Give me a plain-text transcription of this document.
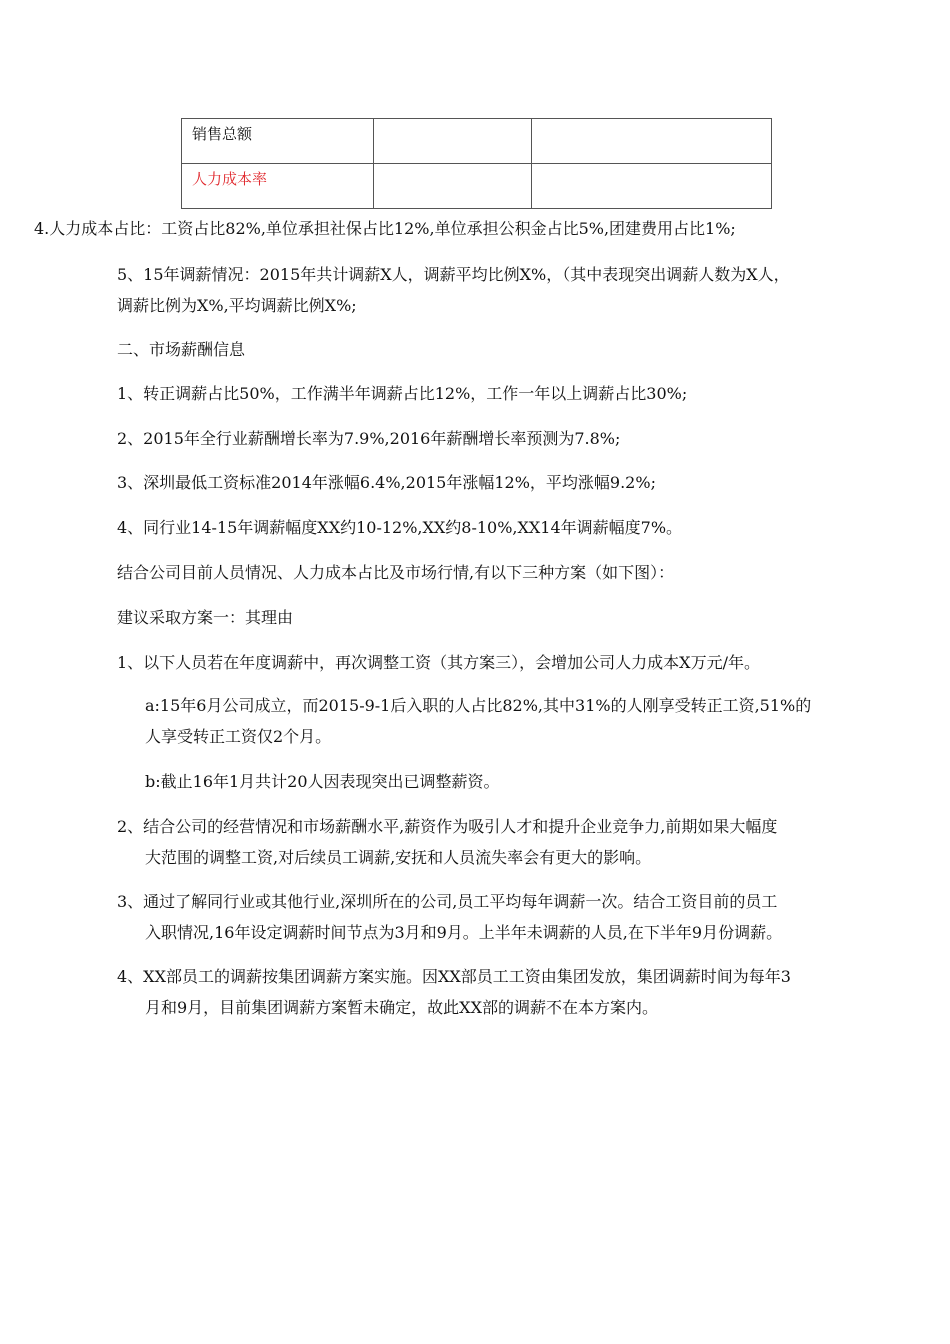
销售总额		
人力成本率		

4.人力成本占比：工资占比82%,单位承担社保占比12%,单位承担公积金占比5%,团建费用占比1%;

5、15年调薪情况：2015年共计调薪X人，调薪平均比例X%，（其中表现突出调薪人数为X人，
调薪比例为X%,平均调薪比例X%;

二、市场薪酬信息

1、转正调薪占比50%，工作满半年调薪占比12%，工作一年以上调薪占比30%;

2、2015年全行业薪酬增长率为7.9%,2016年薪酬增长率预测为7.8%;

3、深圳最低工资标准2014年涨幅6.4%,2015年涨幅12%，平均涨幅9.2%;

4、同行业14-15年调薪幅度XX约10-12%,XX约8-10%,XX14年调薪幅度7%。

结合公司目前人员情况、人力成本占比及市场行情,有以下三种方案（如下图）：

建议采取方案一：其理由

1、以下人员若在年度调薪中，再次调整工资（其方案三），会增加公司人力成本X万元/年。

a:15年6月公司成立，而2015-9-1后入职的人占比82%,其中31%的人刚享受转正工资,51%的
人享受转正工资仅2个月。

b:截止16年1月共计20人因表现突出已调整薪资。

2、结合公司的经营情况和市场薪酬水平,薪资作为吸引人才和提升企业竞争力,前期如果大幅度
大范围的调整工资,对后续员工调薪,安抚和人员流失率会有更大的影响。
3、通过了解同行业或其他行业,深圳所在的公司,员工平均每年调薪一次。结合工资目前的员工
入职情况,16年设定调薪时间节点为3月和9月。上半年未调薪的人员,在下半年9月份调薪。
4、XX部员工的调薪按集团调薪方案实施。因XX部员工工资由集团发放，集团调薪时间为每年3
月和9月，目前集团调薪方案暂未确定，故此XX部的调薪不在本方案内。
